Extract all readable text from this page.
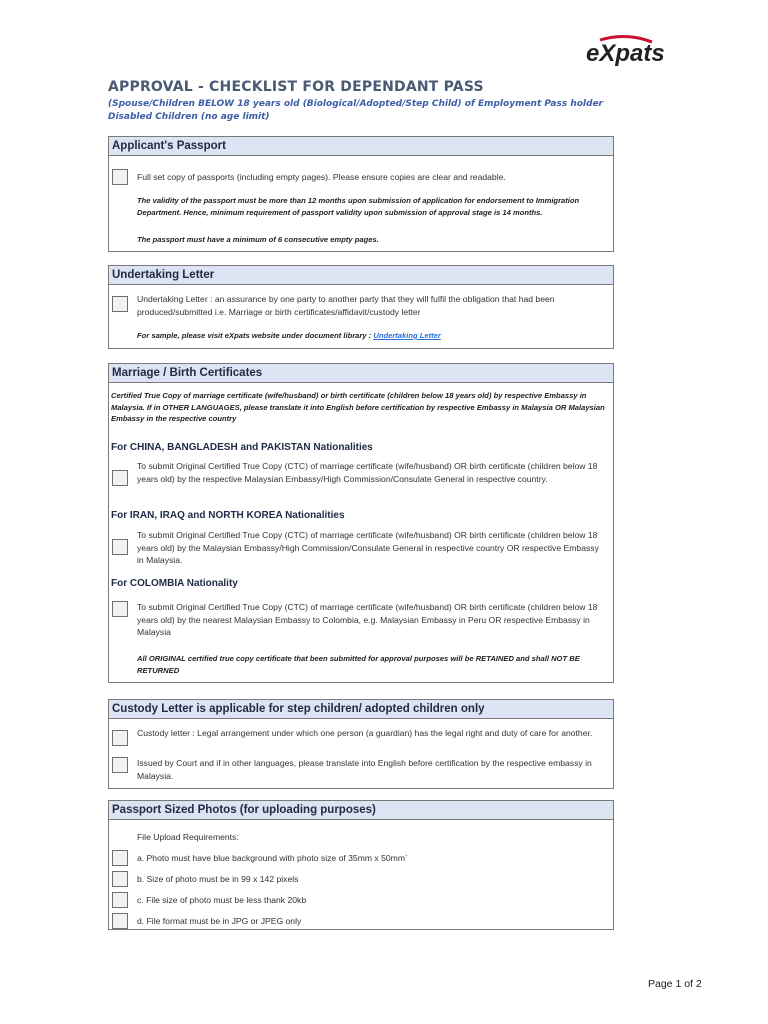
eXpats
APPROVAL - CHECKLIST FOR DEPENDANT PASS
(Spouse/Children BELOW 18 years old (Biological/Adopted/Step Child) of Employment Pass holder
Disabled Children (no age limit)
Applicant's Passport
Full set copy of passports (including empty pages). Please ensure copies are clear and readable.
The validity of the passport must be more than 12 months upon submission of application for endorsement to Immigration Department. Hence, minimum requirement of passport validity upon submission of approval stage is 14 months.
The passport must have a minimum of 6 consecutive empty pages.
Undertaking Letter
Undertaking Letter : an assurance by one party to another party that they will fulfil the obligation that had been produced/submitted i.e. Marriage or birth certificates/affidavit/custody letter
For sample, please visit eXpats website under document library : Undertaking Letter
Marriage / Birth Certificates
Certified True Copy of marriage certificate (wife/husband) or birth certificate (children below 18 years old) by respective Embassy in Malaysia. If in OTHER LANGUAGES, please translate it into English before certification by respective Embassy in Malaysia OR Malaysian Embassy in the respective country
For CHINA, BANGLADESH and PAKISTAN Nationalities
To submit Original Certified True Copy (CTC) of marriage certificate (wife/husband) OR birth certificate (children below 18 years old) by the respective Malaysian Embassy/High Commission/Consulate General in respective country.
For IRAN, IRAQ and NORTH KOREA Nationalities
To submit Original Certified True Copy (CTC) of marriage certificate (wife/husband) OR birth certificate (children below 18 years old) by the Malaysian Embassy/High Commission/Consulate General in respective country OR respective Embassy in Malaysia.
For COLOMBIA Nationality
To submit Original Certified True Copy (CTC) of marriage certificate (wife/husband) OR birth certificate (children below 18 years old) by the nearest Malaysian Embassy to Colombia, e.g. Malaysian Embassy in Peru OR respective Embassy in Malaysia
All ORIGINAL certified true copy certificate that been submitted for approval purposes will be RETAINED and shall NOT BE RETURNED
Custody Letter is applicable for step children/ adopted children only
Custody letter : Legal arrangement under which one person (a guardian) has the legal right and duty of care for another.
Issued by Court and if in other languages, please translate into English before certification by the respective embassy in Malaysia.
Passport Sized Photos (for uploading purposes)
File Upload Requirements:
a. Photo must have blue background with photo size of 35mm x 50mm`
b. Size of photo must be in 99 x 142 pixels
c. File size of photo must be less thank 20kb
d. File format must be in JPG or JPEG only
Page 1 of 2
